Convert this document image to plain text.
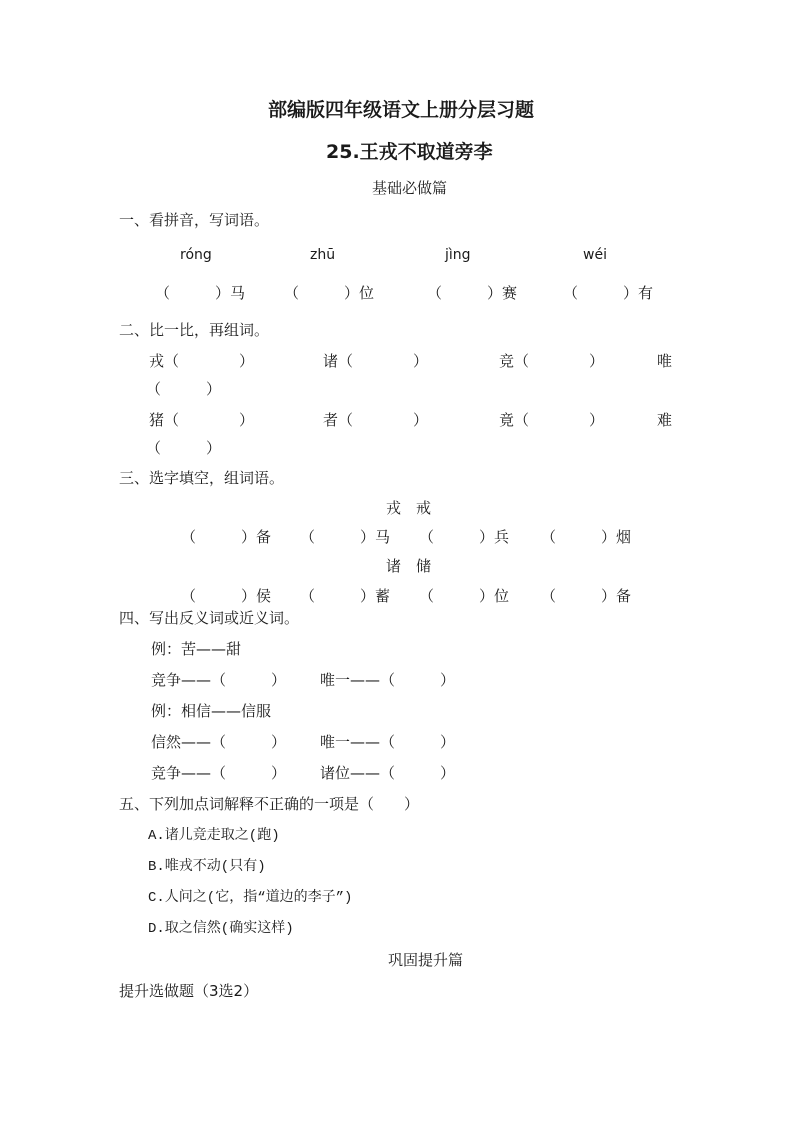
部编版四年级语文上册分层习题
25.王戎不取道旁李
基础必做篇
一、看拼音，写词语。
róng	zhū	jìng	wéi
（　　　）马	（　　　）位	（　　　）赛	（　　　）有
二、比一比，再组词。
戎（　　　　）	诸（　　　　）	竞（　　　　）	唯
（　　　）
猪（　　　　）	者（　　　　）	竟（　　　　）	难
（　　　）
三、选字填空，组词语。
戎　戒
（　　　）备 （　　　）马 （　　　）兵 （　　　）烟
诸　储
（　　　）侯 （　　　）蓄 （　　　）位 （　　　）备
四、写出反义词或近义词。
例：苦——甜
竞争——（　　　） 唯一——（　　　）
例：相信——信服
信然——（　　　） 唯一——（　　　）
竞争——（　　　） 诸位——（　　　）
五、下列加点词解释不正确的一项是（　　）
A.诸儿竞走取之(跑)
B.唯戎不动(只有)
C.人问之(它，指“道边的李子”)
D.取之信然(确实这样)
巩固提升篇
提升选做题（3选2）
